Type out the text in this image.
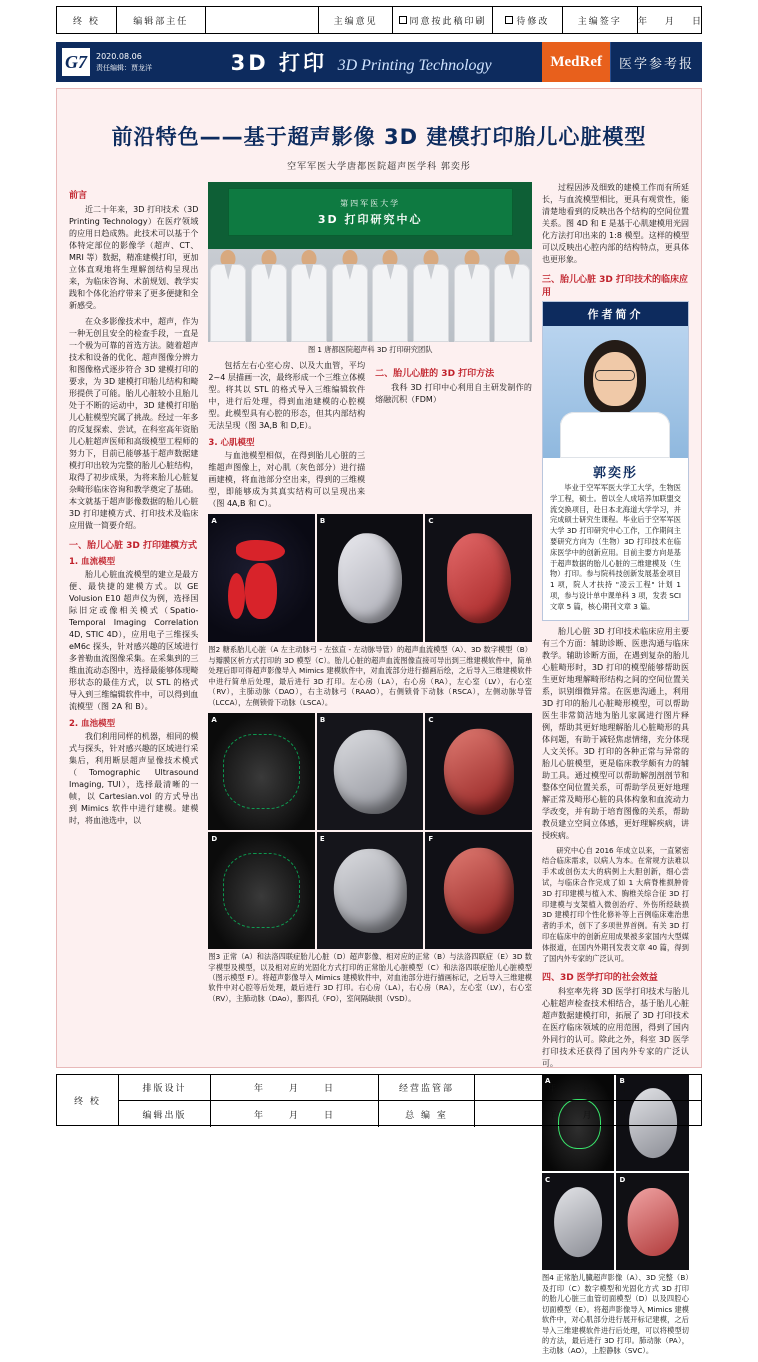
终 校	编辑部主任	主编意见	同意按此稿印刷	待修改	主编签字	年 月 日
G7	2020.08.06
责任编辑：贾龙洋	3D 打印 3D Printing Technology	MedRef	医学参考报
前沿特色——基于超声影像 3D 建模打印胎儿心脏模型
空军军医大学唐都医院超声医学科 郭奕彤
前言

近二十年来，3D 打印技术（3D Printing Technology）在医疗领域的应用日趋成熟。此技术可以基于个体特定部位的影像学（超声、CT、MRI 等）数据，精准建模打印，更加立体直观地将生理解剖结构呈现出来，为临床咨询、术前规划、教学实践和个体化治疗带来了更多便捷和全新感受。

在众多影像技术中，超声，作为一种无创且安全的检查手段，一直是一个极为可靠的首选方法。随着超声技术和设备的优化、超声图像分辨力和图像格式逐步符合 3D 建模打印的要求，为 3D 建模打印胎儿结构和畸形提供了可能。胎儿心脏较小且胎儿处于不断的运动中，3D 建模打印胎儿心脏模型究属了挑战。经过一年多的反复探索、尝试，在科室高年资胎儿心脏超声医师和高级模型工程师的努力下，目前已能够基于超声数据建模打印出较为完整的胎儿心脏结构，取得了初步成果，为将来胎儿心脏复杂畸形临床咨询和教学奠定了基础。本文就基于超声影像数据的胎儿心脏 3D 打印建模方式、打印技术及临床应用做一简要介绍。

一、胎儿心脏 3D 打印建模方式
1. 血流模型

胎儿心脏血流模型的建立是最方便、最快捷的建模方式。以 GE Volusion E10 超声仪为例，选择国际旧定或像相关模式（Spatio-Temporal Imaging Correlation 4D, STIC 4D），应用电子三维探头 eM6c 探头，针对感兴趣的区域进行多普勒血流图像采集。在采集到的三维血流动态图中，选择最能够体现畸形状态的最佳方式，以 STL 的格式导入到三维编辑软件中，可以得到血流模型（图 2A 和 B）。

2. 血池模型

我们利用同样的机器，相同的模式与探头，针对感兴趣的区域进行采集后，利用断层超声显像技术模式（Tomographic Ultrasound Imaging, TUI），选择最清晰的一帧，以 Cartesian.vol 的方式导出到 Mimics 软件中进行建模。建模时，将血池选中，以

第四军医大学
3D 打印研究中心
图 1 唐都医院超声科 3D 打印研究团队

包括左右心室心房、以及大血管，平均 2~4 层描画一次，最终形成一个三维立体模型。将其以 STL 的格式导入三维编辑软件中，进行后处理，得到血池建模的心腔模型。此模型具有心腔的形态，但其内部结构无法呈现（图 3A,B 和 D,E）。

3. 心肌模型

与血池模型相似，在得到胎儿心脏的三维超声图像上，对心肌（灰色部分）进行描画建模，将血池部分空出来，得到的三维模型，即能够成为其真实结构可以呈现出来（图 4A,B 和 C）。

二、胎儿心脏的 3D 打印方法

我科 3D 打印中心利用自主研发制作的熔融沉积（FDM）

A	B	C
图2 糖系胎儿心脏（A 左主动脉弓 - 左弦直 - 左动脉导管）的超声血流模型（A）、3D 数字模型（B）与瓣膜区析方式打印的 3D 模型（C）。胎儿心脏的超声血流图像直接可导出到三维建模软件中，简单处理后即可得超声影像导入 Mimics 建模软件中，对血流部分进行描画后绘，之后导入三维建模软件中进行简单后处理，最后进行 3D 打印。左心房（LA），右心房（RA），左心室（LV），右心室（RV），主肺动脉（DAO），右主动脉弓（RAAO），右侧锁骨下动脉（RSCA），左侧动脉导管（LCCA），左侧锁骨下动脉（LSCA）。
A	B	C
D	E	F
图3 正常（A）和法洛四联症胎儿心脏（D）超声影像、相对应的正常（B）与法洛四联症（E）3D 数字模型及模型，以及相对应的光固化方式打印的正常胎儿心脏模型（C）和法洛四联症胎儿心脏模型（图示模型 F）。将超声影像导入 Mimics 建模软件中，对血池部分进行描画标记，之后导入三维建模软件中对心腔等后处理，最后进行 3D 打印。右心房（LA），右心房（RA），左心室（LV），右心室（RV），主肺动脉（DAo），膨四孔（FO），室间隔缺损（VSD）。

过程因涉及细致的建模工作而有所延长，与血流模型相比，更具有观赏性，能清楚地看到的反映出各个结构的空间位置关系。图 4D 和 E 是基于心肌建模用光固化方法打印出来的 1:8 模型。这样的模型可以反映出心腔内部的结构特点，更具体也更形象。

三、胎儿心脏 3D 打印技术的临床应用
作者简介
郭奕彤
毕业于空军军医大学工大学，生物医学工程，硕士。曾以全人成培养加联盟交流交换项目，赴日本北海道大学学习，并完成硕士研究生课程。毕业后于空军军医大学 3D 打印研究中心工作，工作期间主要研究方向为（生物）3D 打印技术在临床医学中的创新应用。目前主要方向是基于超声数据的胎儿心脏的三维建模及（生物）打印。参与院科技创新发展基金项目 1 项，院人才扶持 "凌云工程" 计划 1 项，参与设计单中课单科 3 项，发表 SCI 文章 5 篇，核心期刊文章 3 篇。

胎儿心脏 3D 打印技术临床应用主要有三个方面：辅助诊断、医患沟通与临床教学。辅助诊断方面，在遇到复杂的胎儿心脏畸形时，3D 打印的模型能够帮助医生更好地理解畸形结构之间的空间位置关系，识别细微异常。在医患沟通上，利用 3D 打印的胎儿心脏畸形模型，可以帮助医生非常简洁地为胎儿家属进行图片释例，帮助其更好地理解胎儿心脏畸形的具体问题，有助于减轻焦虑情绪，充分体现人文关怀。3D 打印的各种正常与异常的胎儿心脏模型，更是临床教学颇有力的辅助工具。通过模型可以帮助解剖剖剖节和整体空间位置关系，可帮助学员更好地理解正常及畸形心脏的具体构象和血流动力学改变，并有助于培育图像的关系，帮助教员建立空间立体感，更好理解疾病，讲授疾病。

研究中心自 2016 年成立以来，一直紧密结合临床需求，以病人为本。在常规方法难以手术或创伤太大的病例上大胆创新，细心尝试，与临床合作完成了如 1 大病脊椎损肿骨 3D 打印建模与植入术、胸椎关综合征 3D 打印建模与支架植入微创治疗、外伤所经缺损 3D 建模打印个性化修补等上百例临床难治患者的手术，创下了多项世界首例。有关 3D 打印在临床中的创新应用成果被多家国内大型媒体报道，在国内外期刊发表文章 40 篇，得到了国内外专家的广泛认可。
四、3D 医学打印的社会效益

科室率先将 3D 医学打印技术与胎儿心脏超声检查技术相结合，基于胎儿心脏超声数据建模打印，拓展了 3D 打印技术在医疗临床领域的应用范围，得到了国内外同行的认可。除此之外，科室 3D 医学打印技术还获得了国内外专家的广泛认可。

A	B
C	D
图4 正常胎儿臓超声影像（A）、3D 完整（B）及打印（C）数字模型和光固化方式 3D 打印的胎儿心脏三血管切面模型（D）以及四腔心切面模型（E）。将超声影像导入 Mimics 建模软件中，对心肌部分进行展开标记建模，之后导入三维建模软件进行后处理，可以将模型切的方法，最后进行 3D 打印。肺动脉（PA），主动脉（AO），上腔静脉（SVC）。
终 校
排版设计	年	月	日	经营监管部	年	月	日
编辑出版	年	月	日	总 编 室	年	月	日
